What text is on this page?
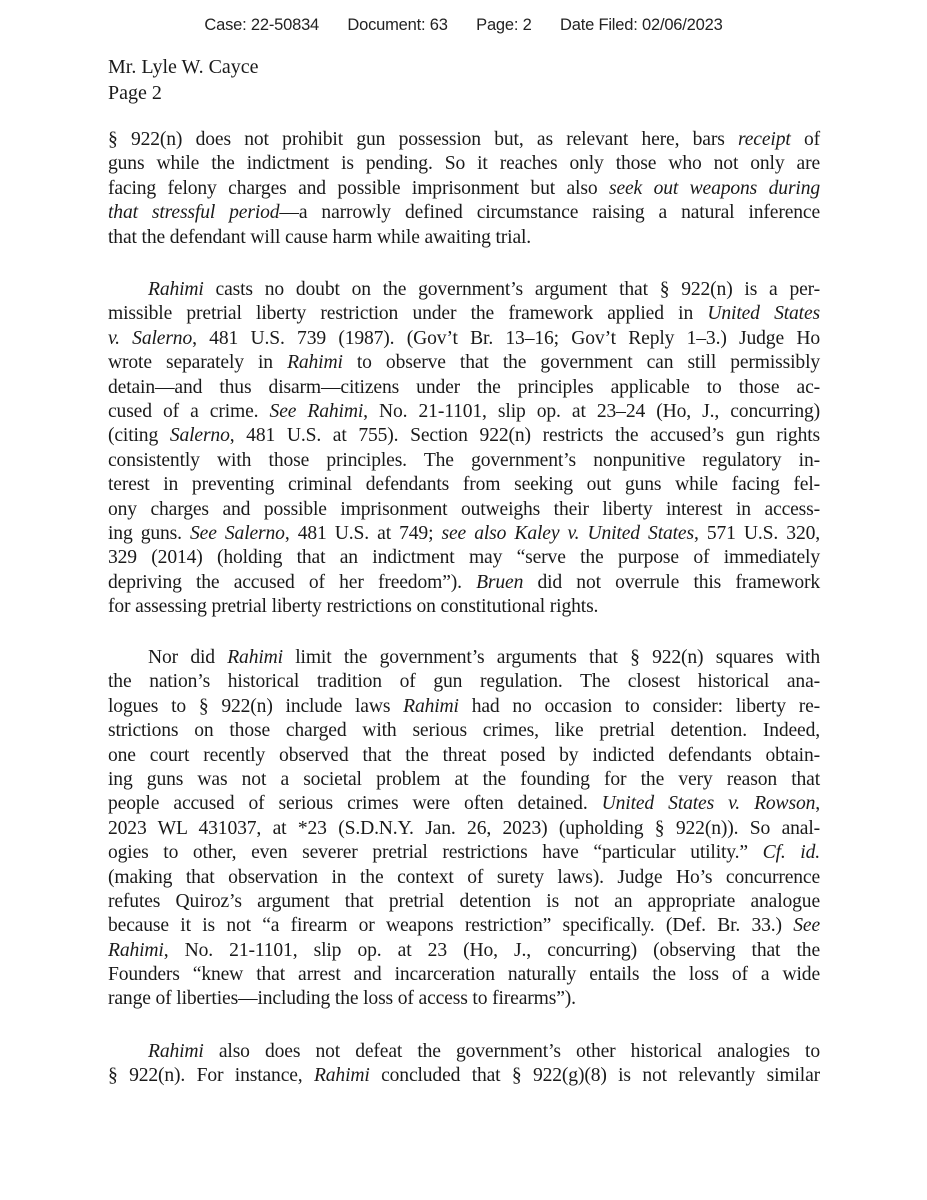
Case: 22-50834 Document: 63 Page: 2 Date Filed: 02/06/2023
Mr. Lyle W. Cayce
Page 2
§ 922(n) does not prohibit gun possession but, as relevant here, bars receipt of
guns while the indictment is pending. So it reaches only those who not only are
facing felony charges and possible imprisonment but also seek out weapons during
that stressful period—a narrowly defined circumstance raising a natural inference
that the defendant will cause harm while awaiting trial.
Rahimi casts no doubt on the government’s argument that § 922(n) is a per-
missible pretrial liberty restriction under the framework applied in United States
v. Salerno, 481 U.S. 739 (1987). (Gov’t Br. 13–16; Gov’t Reply 1–3.) Judge Ho
wrote separately in Rahimi to observe that the government can still permissibly
detain—and thus disarm—citizens under the principles applicable to those ac-
cused of a crime. See Rahimi, No. 21-1101, slip op. at 23–24 (Ho, J., concurring)
(citing Salerno, 481 U.S. at 755). Section 922(n) restricts the accused’s gun rights
consistently with those principles. The government’s nonpunitive regulatory in-
terest in preventing criminal defendants from seeking out guns while facing fel-
ony charges and possible imprisonment outweighs their liberty interest in access-
ing guns. See Salerno, 481 U.S. at 749; see also Kaley v. United States, 571 U.S. 320,
329 (2014) (holding that an indictment may “serve the purpose of immediately
depriving the accused of her freedom”). Bruen did not overrule this framework
for assessing pretrial liberty restrictions on constitutional rights.
Nor did Rahimi limit the government’s arguments that § 922(n) squares with
the nation’s historical tradition of gun regulation. The closest historical ana-
logues to § 922(n) include laws Rahimi had no occasion to consider: liberty re-
strictions on those charged with serious crimes, like pretrial detention. Indeed,
one court recently observed that the threat posed by indicted defendants obtain-
ing guns was not a societal problem at the founding for the very reason that
people accused of serious crimes were often detained. United States v. Rowson,
2023 WL 431037, at *23 (S.D.N.Y. Jan. 26, 2023) (upholding § 922(n)). So anal-
ogies to other, even severer pretrial restrictions have “particular utility.” Cf. id.
(making that observation in the context of surety laws). Judge Ho’s concurrence
refutes Quiroz’s argument that pretrial detention is not an appropriate analogue
because it is not “a firearm or weapons restriction” specifically. (Def. Br. 33.) See
Rahimi, No. 21-1101, slip op. at 23 (Ho, J., concurring) (observing that the
Founders “knew that arrest and incarceration naturally entails the loss of a wide
range of liberties—including the loss of access to firearms”).
Rahimi also does not defeat the government’s other historical analogies to
§ 922(n). For instance, Rahimi concluded that § 922(g)(8) is not relevantly similar
